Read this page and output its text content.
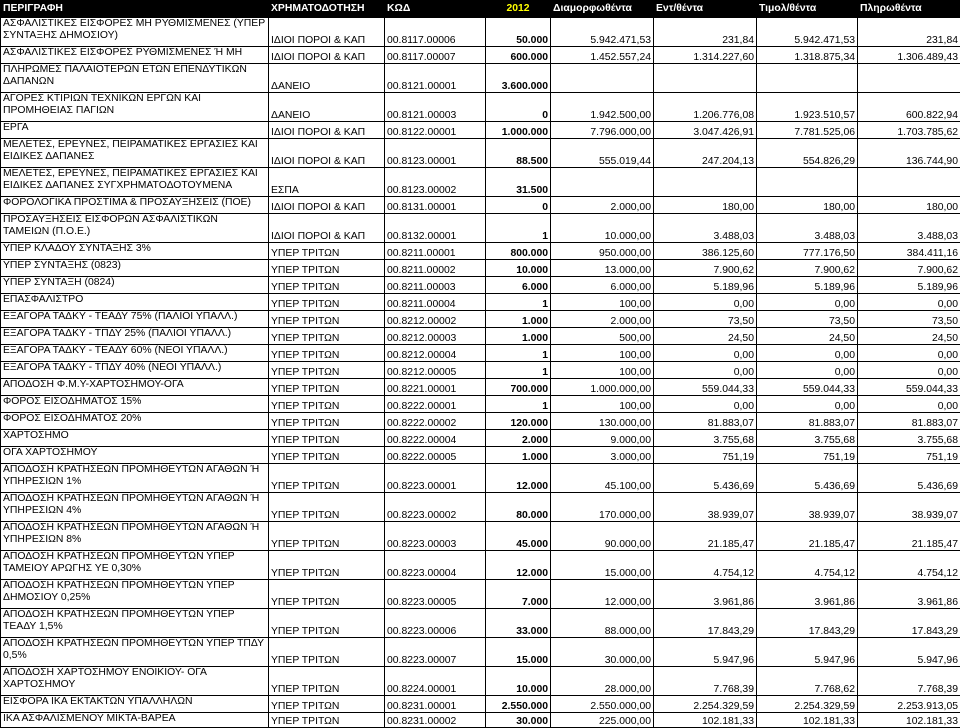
ΠΕΡΙΓΡΑΦΗ	ΧΡΗΜΑΤΟΔΟΤΗΣΗ	ΚΩΔ	2012	Διαμορφωθέντα	Εντ/θέντα	Τιμολ/θέντα	Πληρωθέντα
ΑΣΦΑΛΙΣΤΙΚΕΣ ΕΙΣΦΟΡΕΣ ΜΗ ΡΥΘΜΙΣΜΕΝΕΣ (ΥΠΕΡ ΣΥΝΤΑΞΗΣ ΔΗΜΟΣΙΟΥ)	ΙΔΙΟΙ ΠΟΡΟΙ & ΚΑΠ	00.8117.00006	50.000	5.942.471,53	231,84	5.942.471,53	231,84
ΑΣΦΑΛΙΣΤΙΚΕΣ ΕΙΣΦΟΡΕΣ ΡΥΘΜΙΣΜΕΝΕΣ Ή ΜΗ	ΙΔΙΟΙ ΠΟΡΟΙ & ΚΑΠ	00.8117.00007	600.000	1.452.557,24	1.314.227,60	1.318.875,34	1.306.489,43
ΠΛΗΡΩΜΕΣ ΠΑΛΑΙΟΤΕΡΩΝ ΕΤΩΝ ΕΠΕΝΔΥΤΙΚΩΝ ΔΑΠΑΝΩΝ	ΔΑΝΕΙΟ	00.8121.00001	3.600.000				
ΑΓΟΡΕΣ ΚΤΙΡΙΩΝ ΤΕΧΝΙΚΩΝ ΕΡΓΩΝ ΚΑΙ ΠΡΟΜΗΘΕΙΑΣ ΠΑΓΙΩΝ	ΔΑΝΕΙΟ	00.8121.00003	0	1.942.500,00	1.206.776,08	1.923.510,57	600.822,94
ΕΡΓΑ	ΙΔΙΟΙ ΠΟΡΟΙ & ΚΑΠ	00.8122.00001	1.000.000	7.796.000,00	3.047.426,91	7.781.525,06	1.703.785,62
ΜΕΛΕΤΕΣ, ΕΡΕΥΝΕΣ, ΠΕΙΡΑΜΑΤΙΚΕΣ ΕΡΓΑΣΙΕΣ ΚΑΙ ΕΙΔΙΚΕΣ ΔΑΠΑΝΕΣ	ΙΔΙΟΙ ΠΟΡΟΙ & ΚΑΠ	00.8123.00001	88.500	555.019,44	247.204,13	554.826,29	136.744,90
ΜΕΛΕΤΕΣ, ΕΡΕΥΝΕΣ, ΠΕΙΡΑΜΑΤΙΚΕΣ ΕΡΓΑΣΙΕΣ ΚΑΙ ΕΙΔΙΚΕΣ ΔΑΠΑΝΕΣ ΣΥΓΧΡΗΜΑΤΟΔΟΤΟΥΜΕΝΑ	ΕΣΠΑ	00.8123.00002	31.500				
ΦΟΡΟΛΟΓΙΚΑ ΠΡΟΣΤΙΜΑ & ΠΡΟΣΑΥΞΗΣΕΙΣ (ΠΟΕ)	ΙΔΙΟΙ ΠΟΡΟΙ & ΚΑΠ	00.8131.00001	0	2.000,00	180,00	180,00	180,00
ΠΡΟΣΑΥΞΗΣΕΙΣ ΕΙΣΦΟΡΩΝ ΑΣΦΑΛΙΣΤΙΚΩΝ ΤΑΜΕΙΩΝ (Π.Ο.Ε.)	ΙΔΙΟΙ ΠΟΡΟΙ & ΚΑΠ	00.8132.00001	1	10.000,00	3.488,03	3.488,03	3.488,03
ΥΠΕΡ ΚΛΑΔΟΥ ΣΥΝΤΑΞΗΣ 3%	ΥΠΕΡ ΤΡΙΤΩΝ	00.8211.00001	800.000	950.000,00	386.125,60	777.176,50	384.411,16
ΥΠΕΡ ΣΥΝΤΑΞΗΣ (0823)	ΥΠΕΡ ΤΡΙΤΩΝ	00.8211.00002	10.000	13.000,00	7.900,62	7.900,62	7.900,62
ΥΠΕΡ ΣΥΝΤΑΞΗ (0824)	ΥΠΕΡ ΤΡΙΤΩΝ	00.8211.00003	6.000	6.000,00	5.189,96	5.189,96	5.189,96
ΕΠΑΣΦΑΛΙΣΤΡΟ	ΥΠΕΡ ΤΡΙΤΩΝ	00.8211.00004	1	100,00	0,00	0,00	0,00
ΕΞΑΓΟΡΑ ΤΑΔΚΥ - ΤΕΑΔΥ 75% (ΠΑΛΙΟΙ ΥΠΑΛΛ.)	ΥΠΕΡ ΤΡΙΤΩΝ	00.8212.00002	1.000	2.000,00	73,50	73,50	73,50
ΕΞΑΓΟΡΑ ΤΑΔΚΥ - ΤΠΔΥ 25% (ΠΑΛΙΟΙ ΥΠΑΛΛ.)	ΥΠΕΡ ΤΡΙΤΩΝ	00.8212.00003	1.000	500,00	24,50	24,50	24,50
ΕΞΑΓΟΡΑ ΤΑΔΚΥ - ΤΕΑΔΥ 60% (ΝΕΟΙ ΥΠΑΛΛ.)	ΥΠΕΡ ΤΡΙΤΩΝ	00.8212.00004	1	100,00	0,00	0,00	0,00
ΕΞΑΓΟΡΑ ΤΑΔΚΥ - ΤΠΔΥ 40% (ΝΕΟΙ ΥΠΑΛΛ.)	ΥΠΕΡ ΤΡΙΤΩΝ	00.8212.00005	1	100,00	0,00	0,00	0,00
ΑΠΟΔΟΣΗ Φ.Μ.Υ-ΧΑΡΤΟΣΗΜΟΥ-ΟΓΑ	ΥΠΕΡ ΤΡΙΤΩΝ	00.8221.00001	700.000	1.000.000,00	559.044,33	559.044,33	559.044,33
ΦΟΡΟΣ ΕΙΣΟΔΗΜΑΤΟΣ 15%	ΥΠΕΡ ΤΡΙΤΩΝ	00.8222.00001	1	100,00	0,00	0,00	0,00
ΦΟΡΟΣ ΕΙΣΟΔΗΜΑΤΟΣ 20%	ΥΠΕΡ ΤΡΙΤΩΝ	00.8222.00002	120.000	130.000,00	81.883,07	81.883,07	81.883,07
ΧΑΡΤΟΣΗΜΟ	ΥΠΕΡ ΤΡΙΤΩΝ	00.8222.00004	2.000	9.000,00	3.755,68	3.755,68	3.755,68
ΟΓΑ ΧΑΡΤΟΣΗΜΟΥ	ΥΠΕΡ ΤΡΙΤΩΝ	00.8222.00005	1.000	3.000,00	751,19	751,19	751,19
ΑΠΟΔΟΣΗ ΚΡΑΤΗΣΕΩΝ ΠΡΟΜΗΘΕΥΤΩΝ ΑΓΑΘΩΝ Ή ΥΠΗΡΕΣΙΩΝ 1%	ΥΠΕΡ ΤΡΙΤΩΝ	00.8223.00001	12.000	45.100,00	5.436,69	5.436,69	5.436,69
ΑΠΟΔΟΣΗ ΚΡΑΤΗΣΕΩΝ ΠΡΟΜΗΘΕΥΤΩΝ ΑΓΑΘΩΝ Ή ΥΠΗΡΕΣΙΩΝ 4%	ΥΠΕΡ ΤΡΙΤΩΝ	00.8223.00002	80.000	170.000,00	38.939,07	38.939,07	38.939,07
ΑΠΟΔΟΣΗ ΚΡΑΤΗΣΕΩΝ ΠΡΟΜΗΘΕΥΤΩΝ ΑΓΑΘΩΝ Ή ΥΠΗΡΕΣΙΩΝ 8%	ΥΠΕΡ ΤΡΙΤΩΝ	00.8223.00003	45.000	90.000,00	21.185,47	21.185,47	21.185,47
ΑΠΟΔΟΣΗ ΚΡΑΤΗΣΕΩΝ ΠΡΟΜΗΘΕΥΤΩΝ ΥΠΕΡ ΤΑΜΕΙΟΥ ΑΡΩΓΗΣ ΥΕ 0,30%	ΥΠΕΡ ΤΡΙΤΩΝ	00.8223.00004	12.000	15.000,00	4.754,12	4.754,12	4.754,12
ΑΠΟΔΟΣΗ ΚΡΑΤΗΣΕΩΝ ΠΡΟΜΗΘΕΥΤΩΝ ΥΠΕΡ ΔΗΜΟΣΙΟΥ 0,25%	ΥΠΕΡ ΤΡΙΤΩΝ	00.8223.00005	7.000	12.000,00	3.961,86	3.961,86	3.961,86
ΑΠΟΔΟΣΗ ΚΡΑΤΗΣΕΩΝ ΠΡΟΜΗΘΕΥΤΩΝ ΥΠΕΡ ΤΕΑΔΥ 1,5%	ΥΠΕΡ ΤΡΙΤΩΝ	00.8223.00006	33.000	88.000,00	17.843,29	17.843,29	17.843,29
ΑΠΟΔΟΣΗ ΚΡΑΤΗΣΕΩΝ ΠΡΟΜΗΘΕΥΤΩΝ ΥΠΕΡ ΤΠΔΥ 0,5%	ΥΠΕΡ ΤΡΙΤΩΝ	00.8223.00007	15.000	30.000,00	5.947,96	5.947,96	5.947,96
ΑΠΟΔΟΣΗ ΧΑΡΤΟΣΗΜΟΥ ΕΝΟΙΚΙΟΥ- ΟΓΑ ΧΑΡΤΟΣΗΜΟΥ	ΥΠΕΡ ΤΡΙΤΩΝ	00.8224.00001	10.000	28.000,00	7.768,39	7.768,62	7.768,39
ΕΙΣΦΟΡΑ ΙΚΑ ΕΚΤΑΚΤΩΝ ΥΠΑΛΛΗΛΩΝ	ΥΠΕΡ ΤΡΙΤΩΝ	00.8231.00001	2.550.000	2.550.000,00	2.254.329,59	2.254.329,59	2.253.913,05
ΙΚΑ ΑΣΦΑΛΙΣΜΕΝΟΥ ΜΙΚΤΑ-ΒΑΡΕΑ	ΥΠΕΡ ΤΡΙΤΩΝ	00.8231.00002	30.000	225.000,00	102.181,33	102.181,33	102.181,33
